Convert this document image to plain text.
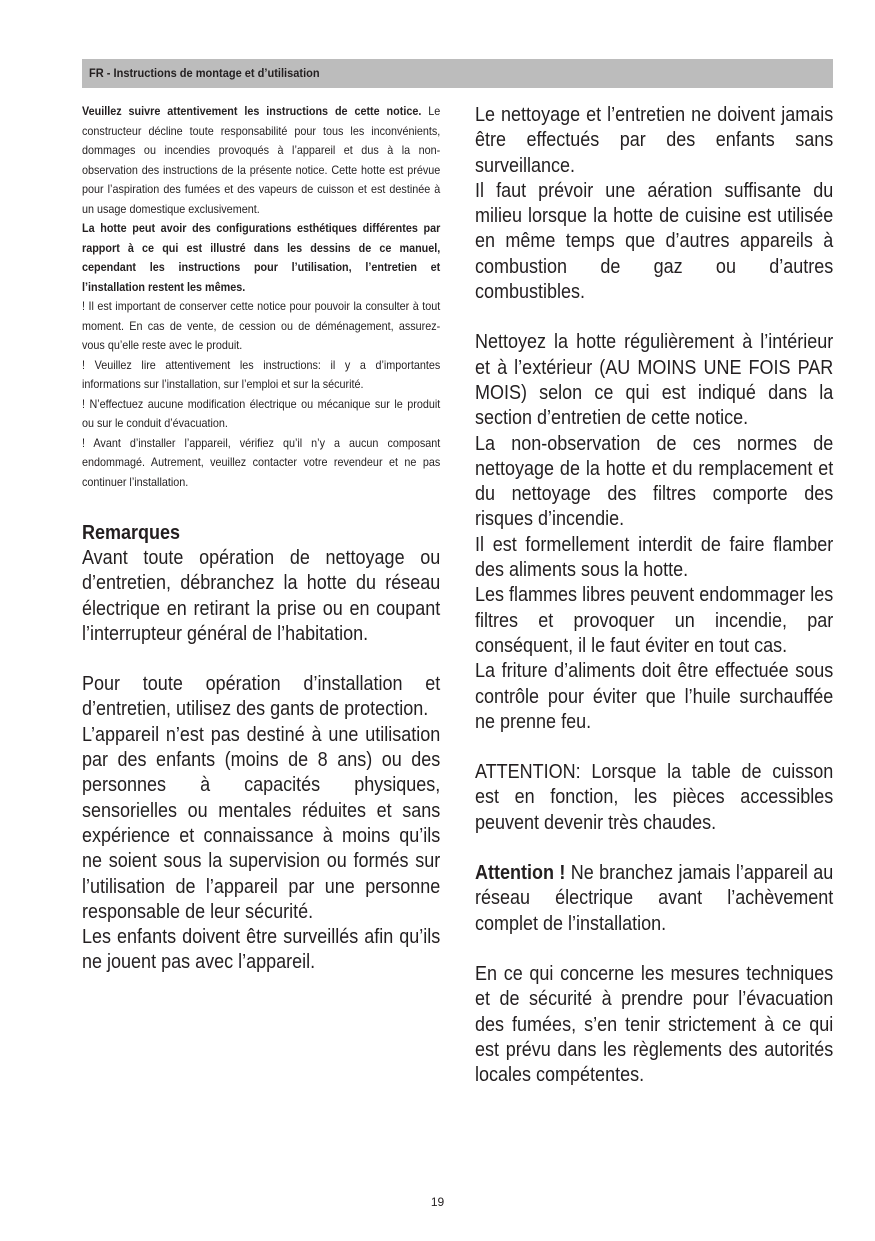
FR - Instructions de montage et d’utilisation

Veuillez suivre attentivement les instructions de cette notice. Le constructeur décline toute responsabilité pour tous les inconvénients, dommages ou incendies provoqués à l’appareil et dus à la non-observation des instructions de la présente notice. Cette hotte est prévue pour l’aspiration des fumées et des vapeurs de cuisson et est destinée à un usage domestique exclusivement.

La hotte peut avoir des configurations esthétiques différentes par rapport à ce qui est illustré dans les dessins de ce manuel, cependant les instructions pour l’utilisation, l’entretien et l’installation restent les mêmes.

! Il est important de conserver cette notice pour pouvoir la consulter à tout moment. En cas de vente, de cession ou de déménagement, assurez-vous qu’elle reste avec le produit.

! Veuillez lire attentivement les instructions: il y a d’importantes informations sur l’installation, sur l’emploi et sur la sécurité.

! N’effectuez aucune modification électrique ou mécanique sur le produit ou sur le conduit d’évacuation.

! Avant d’installer l’appareil, vérifiez qu’il n’y a aucun composant endommagé. Autrement, veuillez contacter votre revendeur et ne pas continuer l’installation.

Remarques

Avant toute opération de nettoyage ou d’entretien, débranchez la hotte du réseau électrique en retirant la prise ou en coupant l’interrupteur général de l’habitation.

Pour toute opération d’installation et d’entretien, utilisez des gants de protection.

L’appareil n’est pas destiné à une utilisation par des enfants (moins de 8 ans) ou des personnes à capacités physiques, sensorielles ou mentales réduites et sans expérience et connaissance à moins qu’ils ne soient sous la supervision ou formés sur l’utilisation de l’appareil par une personne responsable de leur sécurité.

Les enfants doivent être surveillés afin qu’ils ne jouent pas avec l’appareil.

Le nettoyage et l’entretien ne doivent jamais être effectués par des enfants sans surveillance.

Il faut prévoir une aération suffisante du milieu lorsque la hotte de cuisine est utilisée en même temps que d’autres appareils à combustion de gaz ou d’autres combustibles.

Nettoyez la hotte régulièrement à l’intérieur et à l’extérieur (AU MOINS UNE FOIS PAR MOIS) selon ce qui est indiqué dans la section d’entretien de cette notice.

La non-observation de ces normes de nettoyage de la hotte et du remplacement et du nettoyage des filtres comporte des risques d’incendie.

Il est formellement interdit de faire flamber des aliments sous la hotte.

Les flammes libres peuvent endommager les filtres et provoquer un incendie, par conséquent, il le faut éviter en tout cas.

La friture d’aliments doit être effectuée sous contrôle pour éviter que l’huile surchauffée ne prenne feu.

ATTENTION: Lorsque la table de cuisson est en fonction, les pièces accessibles peuvent devenir très chaudes.

Attention ! Ne branchez jamais l’appareil au réseau électrique avant l’achèvement complet de l’installation.

En ce qui concerne les mesures techniques et de sécurité à prendre pour l’évacuation des fumées, s’en tenir strictement à ce qui est prévu dans les règlements des autorités locales compétentes.

19
